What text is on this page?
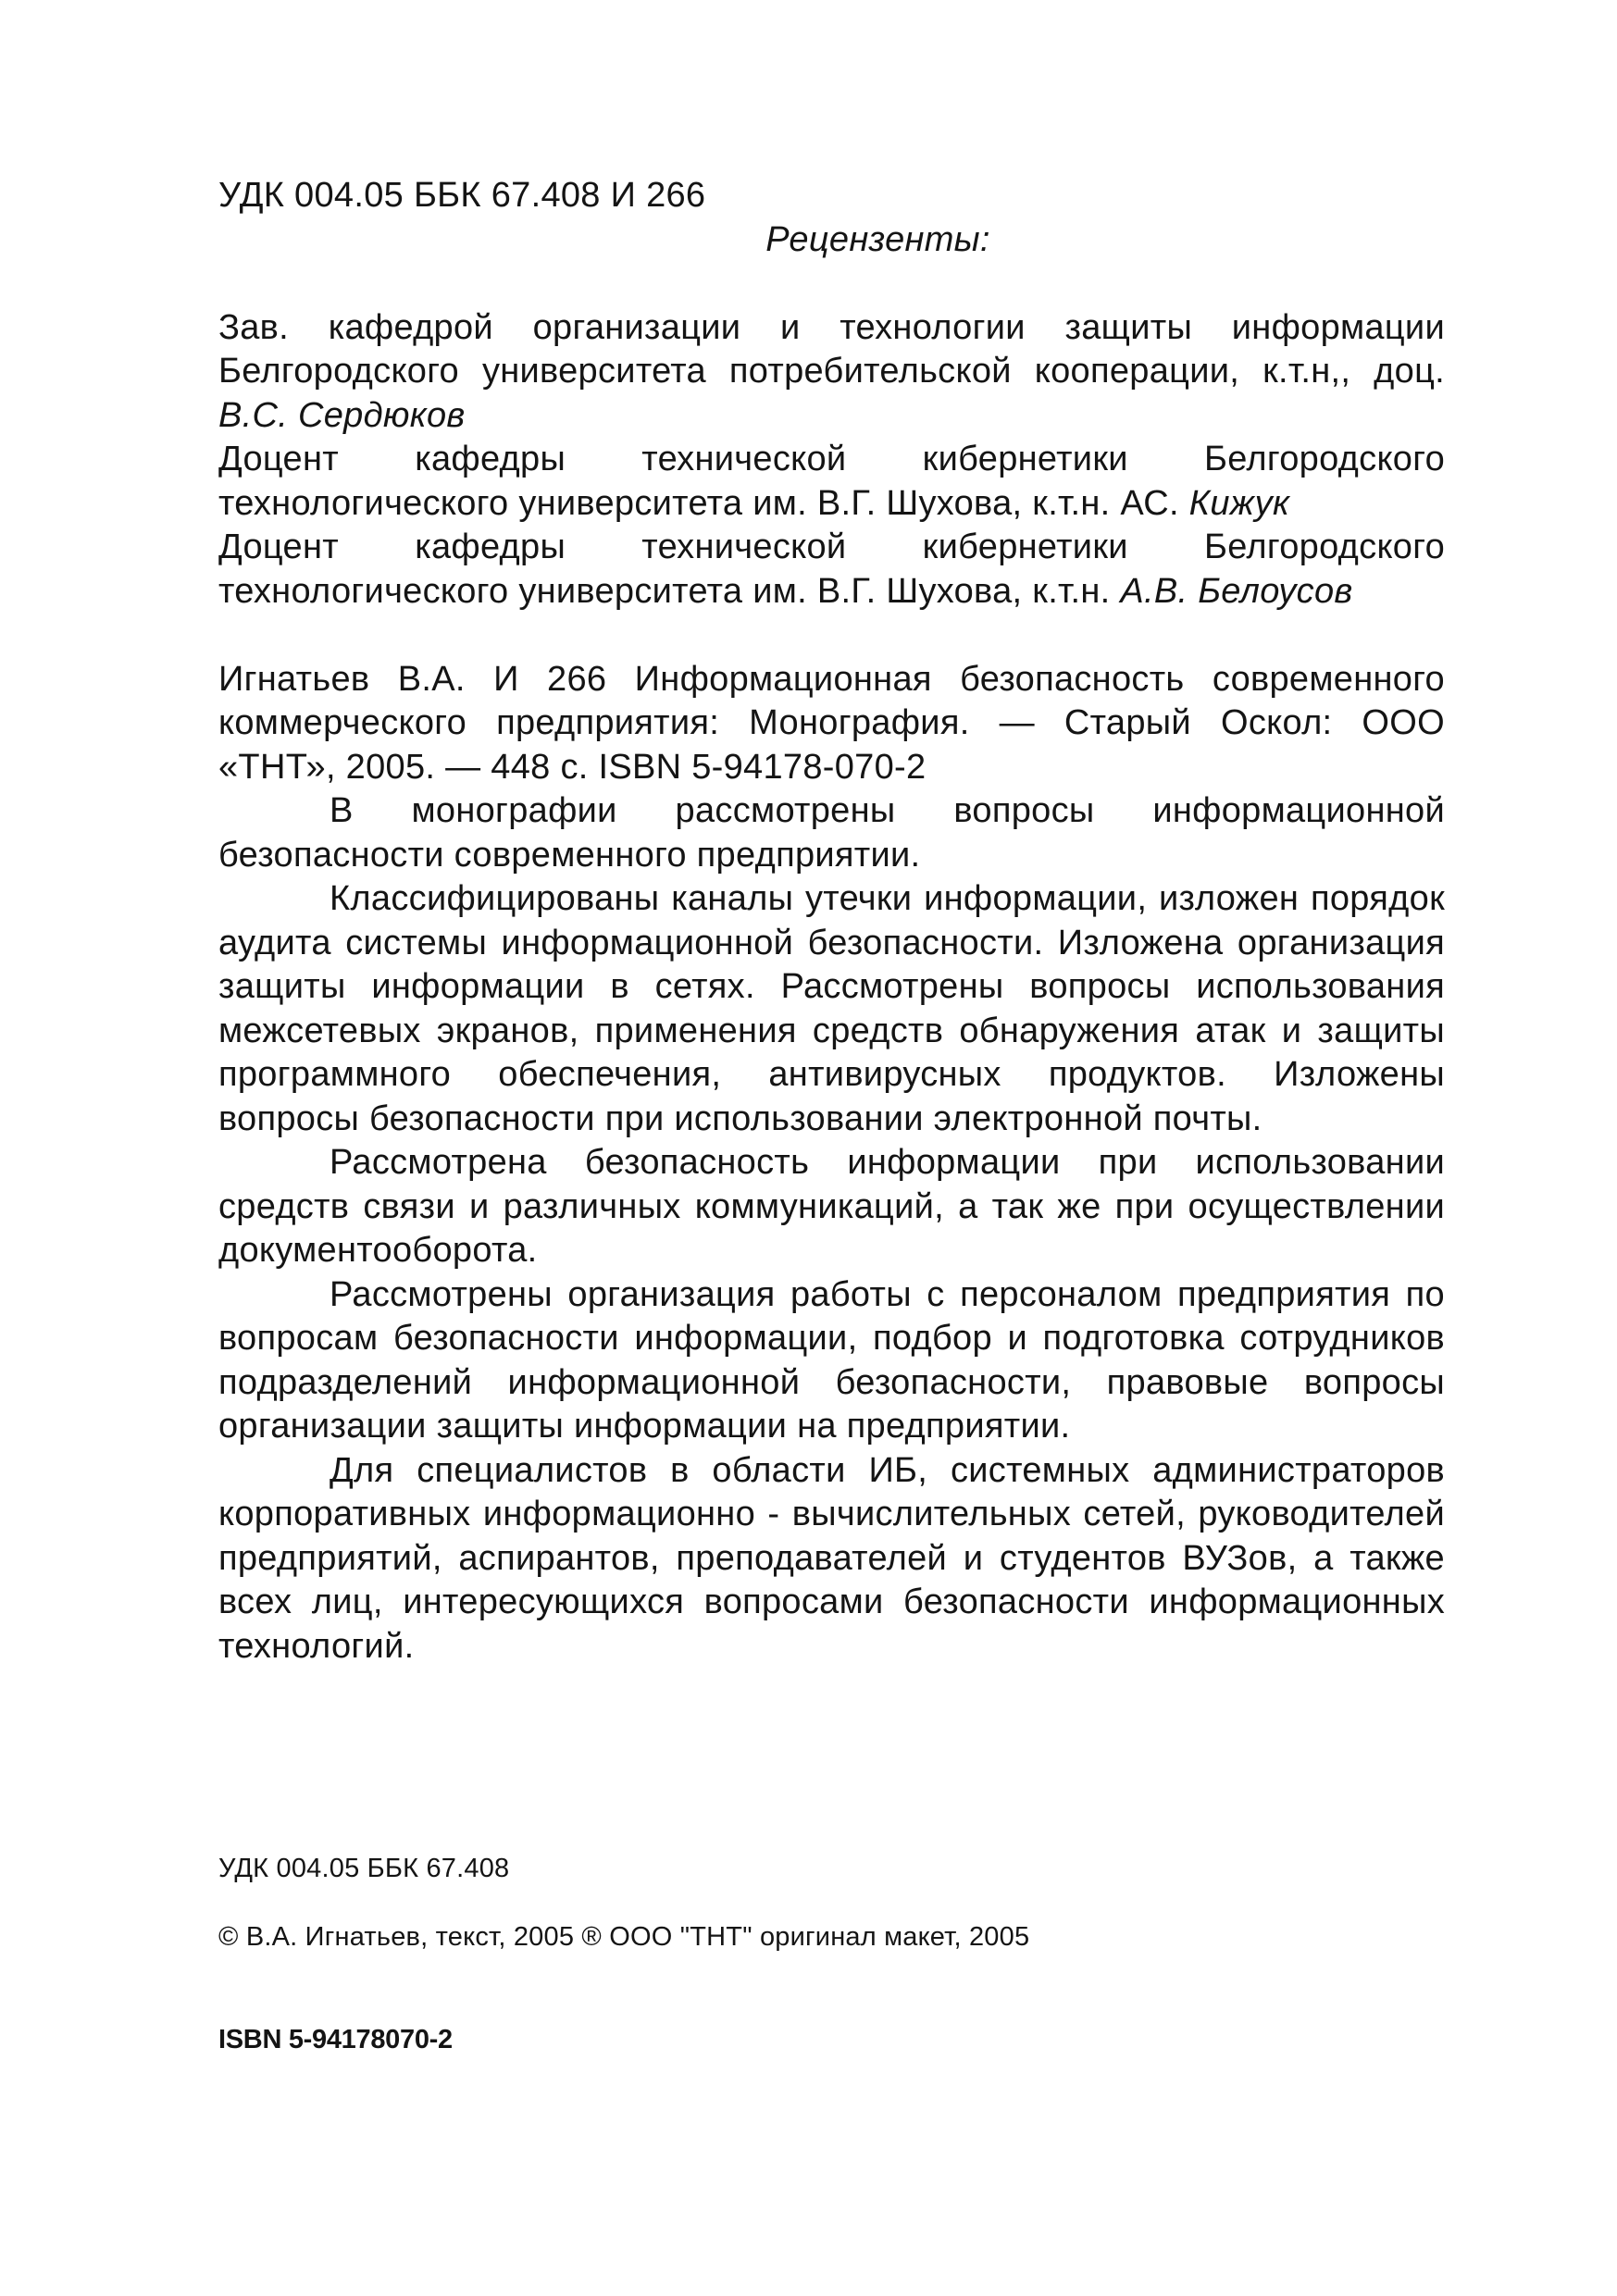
УДК 004.05 ББК 67.408 И 266

Рецензенты:

Зав. кафедрой организации и технологии защиты информации Белгородского университета потребительской кооперации, к.т.н,, доц. В.С. Сердюков

Доцент кафедры технической кибернетики Белгородского технологического университета им. В.Г. Шухова, к.т.н. АС. Кижук

Доцент кафедры технической кибернетики Белгородского технологического университета им. В.Г. Шухова, к.т.н. А.В. Белоусов

Игнатьев В.А. И 266 Информационная безопасность современного коммерческого предприятия: Монография. — Старый Оскол: ООО «ТНТ», 2005. — 448 с. ISBN 5-94178-070-2

В монографии рассмотрены вопросы информационной безопасности современного предприятии.

Классифицированы каналы утечки информации, изложен порядок аудита системы информационной безопасности. Изложена организация защиты информации в сетях. Рассмотрены вопросы использования межсетевых экранов, применения средств обнаружения атак и защиты программного обеспечения, антивирусных продуктов. Изложены вопросы безопасности при использовании электронной почты.

Рассмотрена безопасность информации при использовании средств связи и различных коммуникаций, а так же при осуществлении документооборота.

Рассмотрены организация работы с персоналом предприятия по вопросам безопасности информации, подбор и подготовка сотрудников подразделений информационной безопасности, правовые вопросы организации защиты информации на предприятии.

Для специалистов в области ИБ, системных администраторов корпоративных информационно - вычислительных сетей, руководителей предприятий, аспирантов, преподавателей и студентов ВУЗов, а также всех лиц, интересующихся вопросами безопасности информационных технологий.

УДК 004.05 ББК 67.408

© В.А. Игнатьев, текст, 2005 ® ООО "ТНТ" оригинал макет, 2005

ISBN 5-94178070-2
